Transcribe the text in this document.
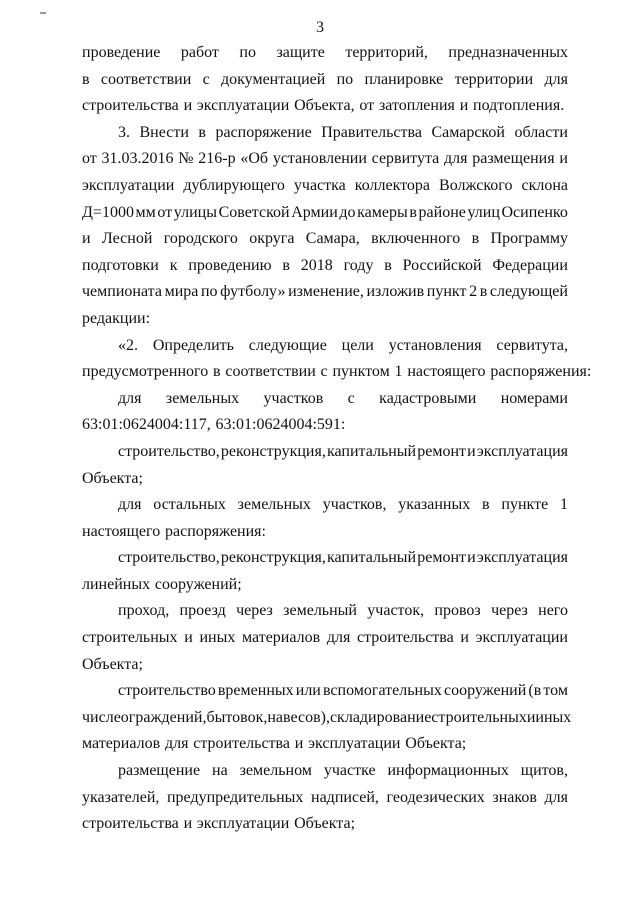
3
проведение работ по защите территорий, предназначенных
в соответствии с документацией по планировке территории для
строительства и эксплуатации Объекта, от затопления и подтопления.
3. Внести в распоряжение Правительства Самарской области
от 31.03.2016 № 216-р «Об установлении сервитута для размещения и
эксплуатации дублирующего участка коллектора Волжского склона
Д=1000 мм от улицы Советской Армии до камеры в районе улиц Осипенко
и Лесной городского округа Самара, включенного в Программу
подготовки к проведению в 2018 году в Российской Федерации
чемпионата мира по футболу» изменение, изложив пункт 2 в следующей
редакции:
«2. Определить следующие цели установления сервитута,
предусмотренного в соответствии с пунктом 1 настоящего распоряжения:
для земельных участков с кадастровыми номерами
63:01:0624004:117, 63:01:0624004:591:
строительство, реконструкция, капитальный ремонт и эксплуатация
Объекта;
для остальных земельных участков, указанных в пункте 1
настоящего распоряжения:
строительство, реконструкция, капитальный ремонт и эксплуатация
линейных сооружений;
проход, проезд через земельный участок, провоз через него
строительных и иных материалов для строительства и эксплуатации
Объекта;
строительство временных или вспомогательных сооружений (в том
числе ограждений, бытовок, навесов), складирование строительных и иных
материалов для строительства и эксплуатации Объекта;
размещение на земельном участке информационных щитов,
указателей, предупредительных надписей, геодезических знаков для
строительства и эксплуатации Объекта;
